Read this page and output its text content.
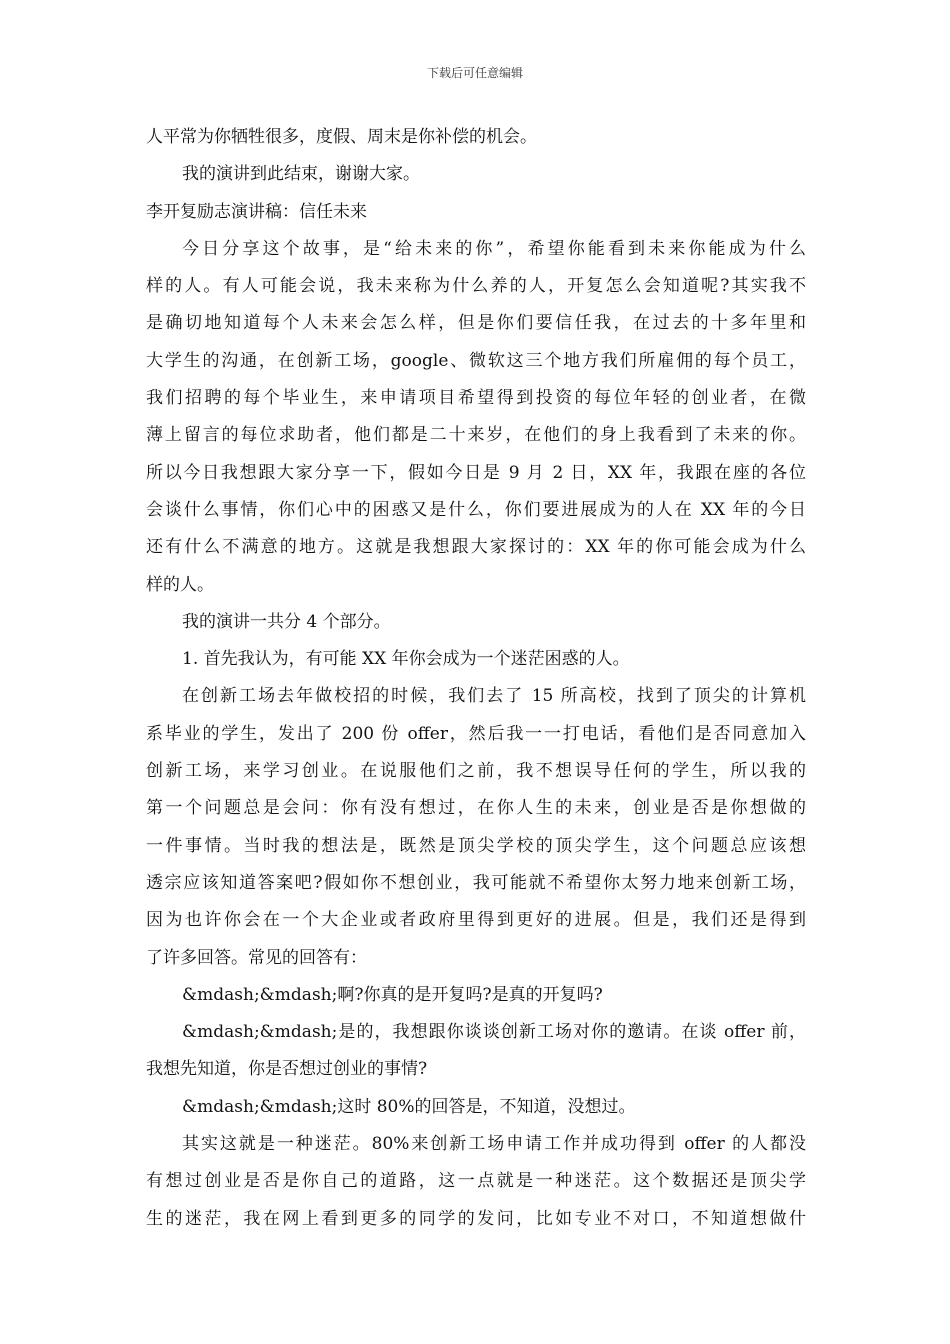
下载后可任意编辑
人平常为你牺牲很多，度假、周末是你补偿的机会。
我的演讲到此结束，谢谢大家。
李开复励志演讲稿：信任未来
今日分享这个故事，是“给未来的你”，希望你能看到未来你能成为什么
样的人。有人可能会说，我未来称为什么养的人，开复怎么会知道呢?其实我不
是确切地知道每个人未来会怎么样，但是你们要信任我，在过去的十多年里和
大学生的沟通，在创新工场，google、微软这三个地方我们所雇佣的每个员工，
我们招聘的每个毕业生，来申请项目希望得到投资的每位年轻的创业者，在微
薄上留言的每位求助者，他们都是二十来岁，在他们的身上我看到了未来的你。
所以今日我想跟大家分享一下，假如今日是 9 月 2 日，XX 年，我跟在座的各位
会谈什么事情，你们心中的困惑又是什么，你们要进展成为的人在 XX 年的今日
还有什么不满意的地方。这就是我想跟大家探讨的：XX 年的你可能会成为什么
样的人。
我的演讲一共分 4 个部分。
1. 首先我认为，有可能 XX 年你会成为一个迷茫困惑的人。
在创新工场去年做校招的时候，我们去了 15 所高校，找到了顶尖的计算机
系毕业的学生，发出了 200 份 offer，然后我一一打电话，看他们是否同意加入
创新工场，来学习创业。在说服他们之前，我不想误导任何的学生，所以我的
第一个问题总是会问：你有没有想过，在你人生的未来，创业是否是你想做的
一件事情。当时我的想法是，既然是顶尖学校的顶尖学生，这个问题总应该想
透宗应该知道答案吧?假如你不想创业，我可能就不希望你太努力地来创新工场，
因为也许你会在一个大企业或者政府里得到更好的进展。但是，我们还是得到
了许多回答。常见的回答有：
&mdash;&mdash;啊?你真的是开复吗?是真的开复吗?
&mdash;&mdash;是的，我想跟你谈谈创新工场对你的邀请。在谈 offer 前，
我想先知道，你是否想过创业的事情?
&mdash;&mdash;这时 80%的回答是，不知道，没想过。
其实这就是一种迷茫。80%来创新工场申请工作并成功得到 offer 的人都没
有想过创业是否是你自己的道路，这一点就是一种迷茫。这个数据还是顶尖学
生的迷茫，我在网上看到更多的同学的发问，比如专业不对口，不知道想做什
